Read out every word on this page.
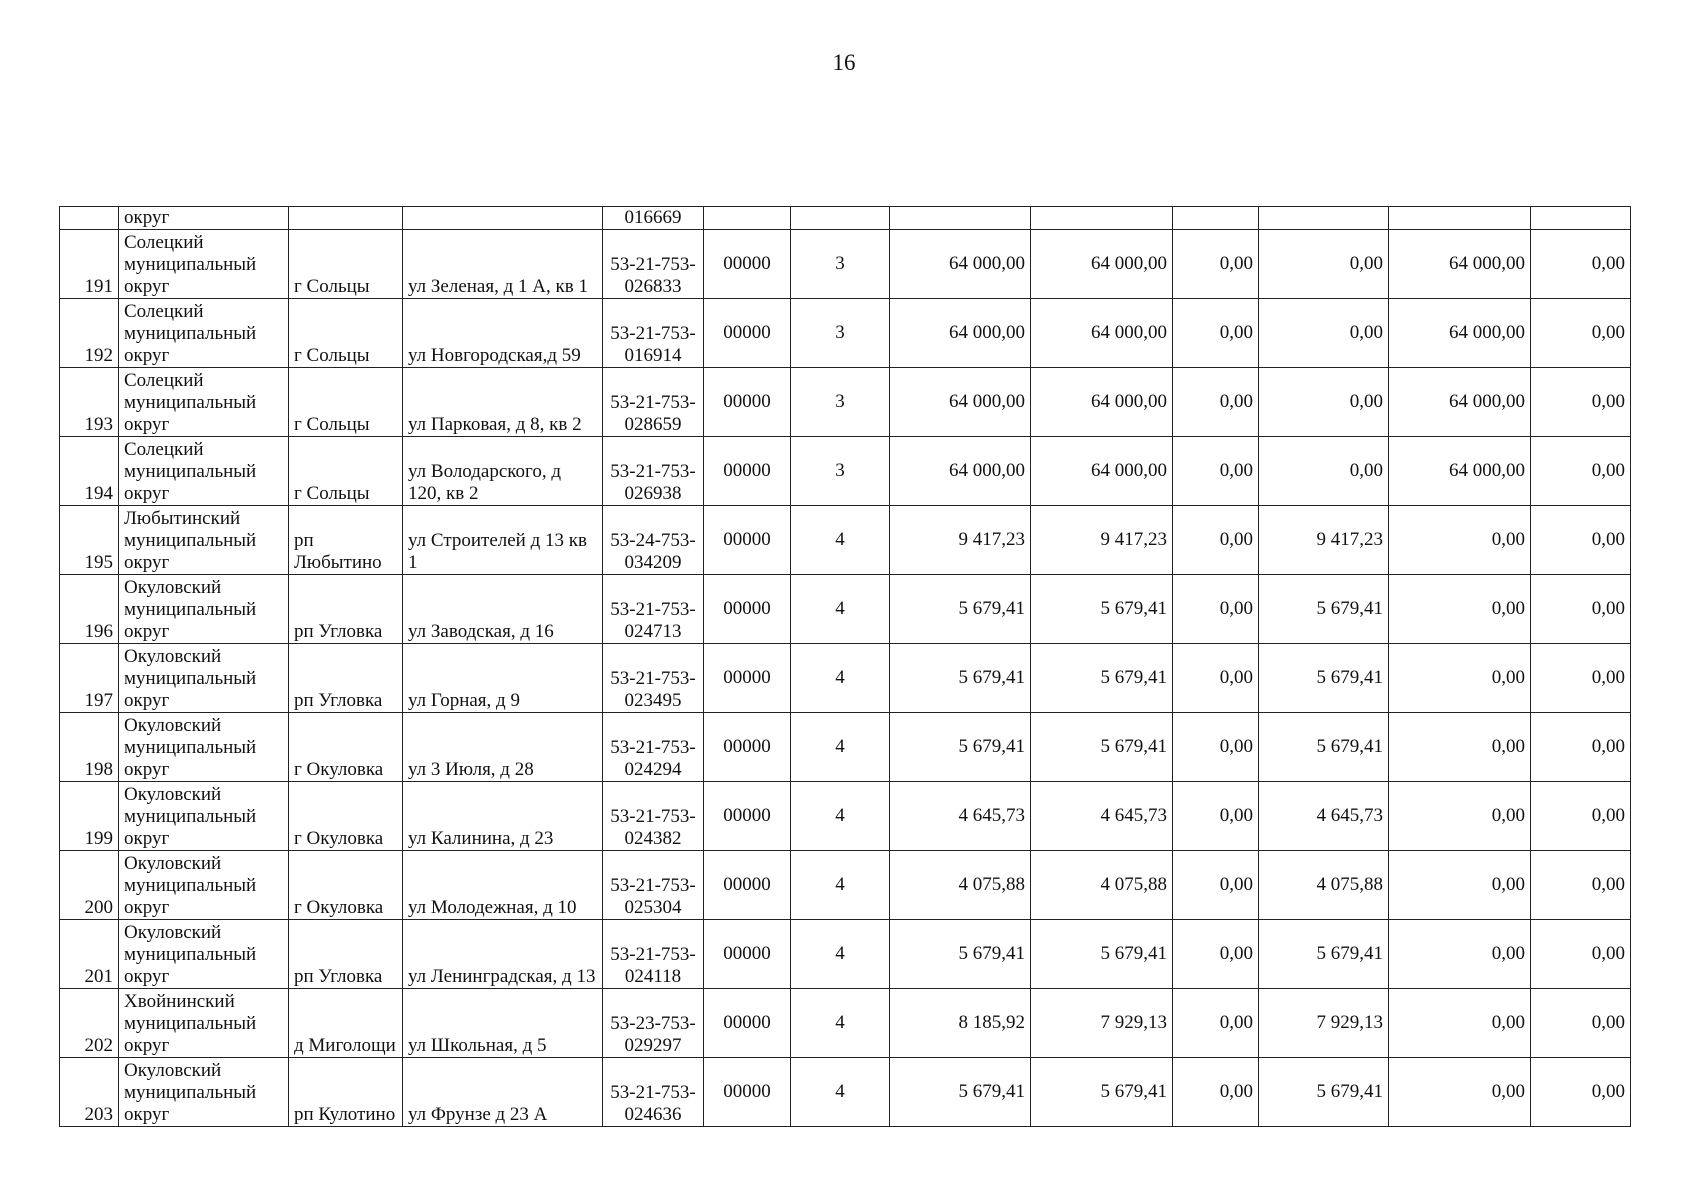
16
	округ			016669								
191	Солецкий муниципальный округ	г Сольцы	ул Зеленая, д 1 А, кв 1	53-21-753-026833	00000	3	64 000,00	64 000,00	0,00	0,00	64 000,00	0,00
192	Солецкий муниципальный округ	г Сольцы	ул Новгородская,д 59	53-21-753-016914	00000	3	64 000,00	64 000,00	0,00	0,00	64 000,00	0,00
193	Солецкий муниципальный округ	г Сольцы	ул Парковая, д 8, кв 2	53-21-753-028659	00000	3	64 000,00	64 000,00	0,00	0,00	64 000,00	0,00
194	Солецкий муниципальный округ	г Сольцы	ул Володарского, д 120, кв 2	53-21-753-026938	00000	3	64 000,00	64 000,00	0,00	0,00	64 000,00	0,00
195	Любытинский муниципальный округ	рп Любытино	ул Строителей д 13 кв 1	53-24-753-034209	00000	4	9 417,23	9 417,23	0,00	9 417,23	0,00	0,00
196	Окуловский муниципальный округ	рп Угловка	ул Заводская, д 16	53-21-753-024713	00000	4	5 679,41	5 679,41	0,00	5 679,41	0,00	0,00
197	Окуловский муниципальный округ	рп Угловка	ул Горная, д 9	53-21-753-023495	00000	4	5 679,41	5 679,41	0,00	5 679,41	0,00	0,00
198	Окуловский муниципальный округ	г Окуловка	ул 3 Июля, д 28	53-21-753-024294	00000	4	5 679,41	5 679,41	0,00	5 679,41	0,00	0,00
199	Окуловский муниципальный округ	г Окуловка	ул Калинина, д 23	53-21-753-024382	00000	4	4 645,73	4 645,73	0,00	4 645,73	0,00	0,00
200	Окуловский муниципальный округ	г Окуловка	ул Молодежная, д 10	53-21-753-025304	00000	4	4 075,88	4 075,88	0,00	4 075,88	0,00	0,00
201	Окуловский муниципальный округ	рп Угловка	ул Ленинградская, д 13	53-21-753-024118	00000	4	5 679,41	5 679,41	0,00	5 679,41	0,00	0,00
202	Хвойнинский муниципальный округ	д Миголощи	ул Школьная, д 5	53-23-753-029297	00000	4	8 185,92	7 929,13	0,00	7 929,13	0,00	0,00
203	Окуловский муниципальный округ	рп Кулотино	ул Фрунзе д 23 А	53-21-753-024636	00000	4	5 679,41	5 679,41	0,00	5 679,41	0,00	0,00
